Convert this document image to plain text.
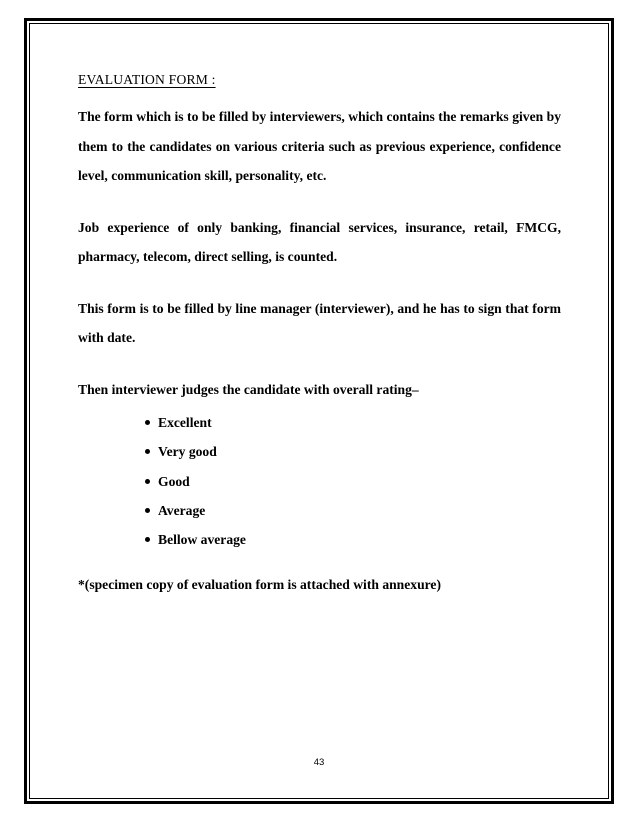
EVALUATION FORM :

The form which is to be filled by interviewers, which contains the remarks given by them to the candidates on various criteria such as previous experience, confidence level, communication skill, personality, etc.

Job experience of only banking, financial services, insurance, retail, FMCG, pharmacy, telecom, direct selling, is counted.

This form is to be filled by line manager (interviewer), and he has to sign that form with date.

Then interviewer judges the candidate with overall rating–

Excellent
Very good
Good
Average
Bellow average

*(specimen copy of evaluation form is attached with annexure)

43
